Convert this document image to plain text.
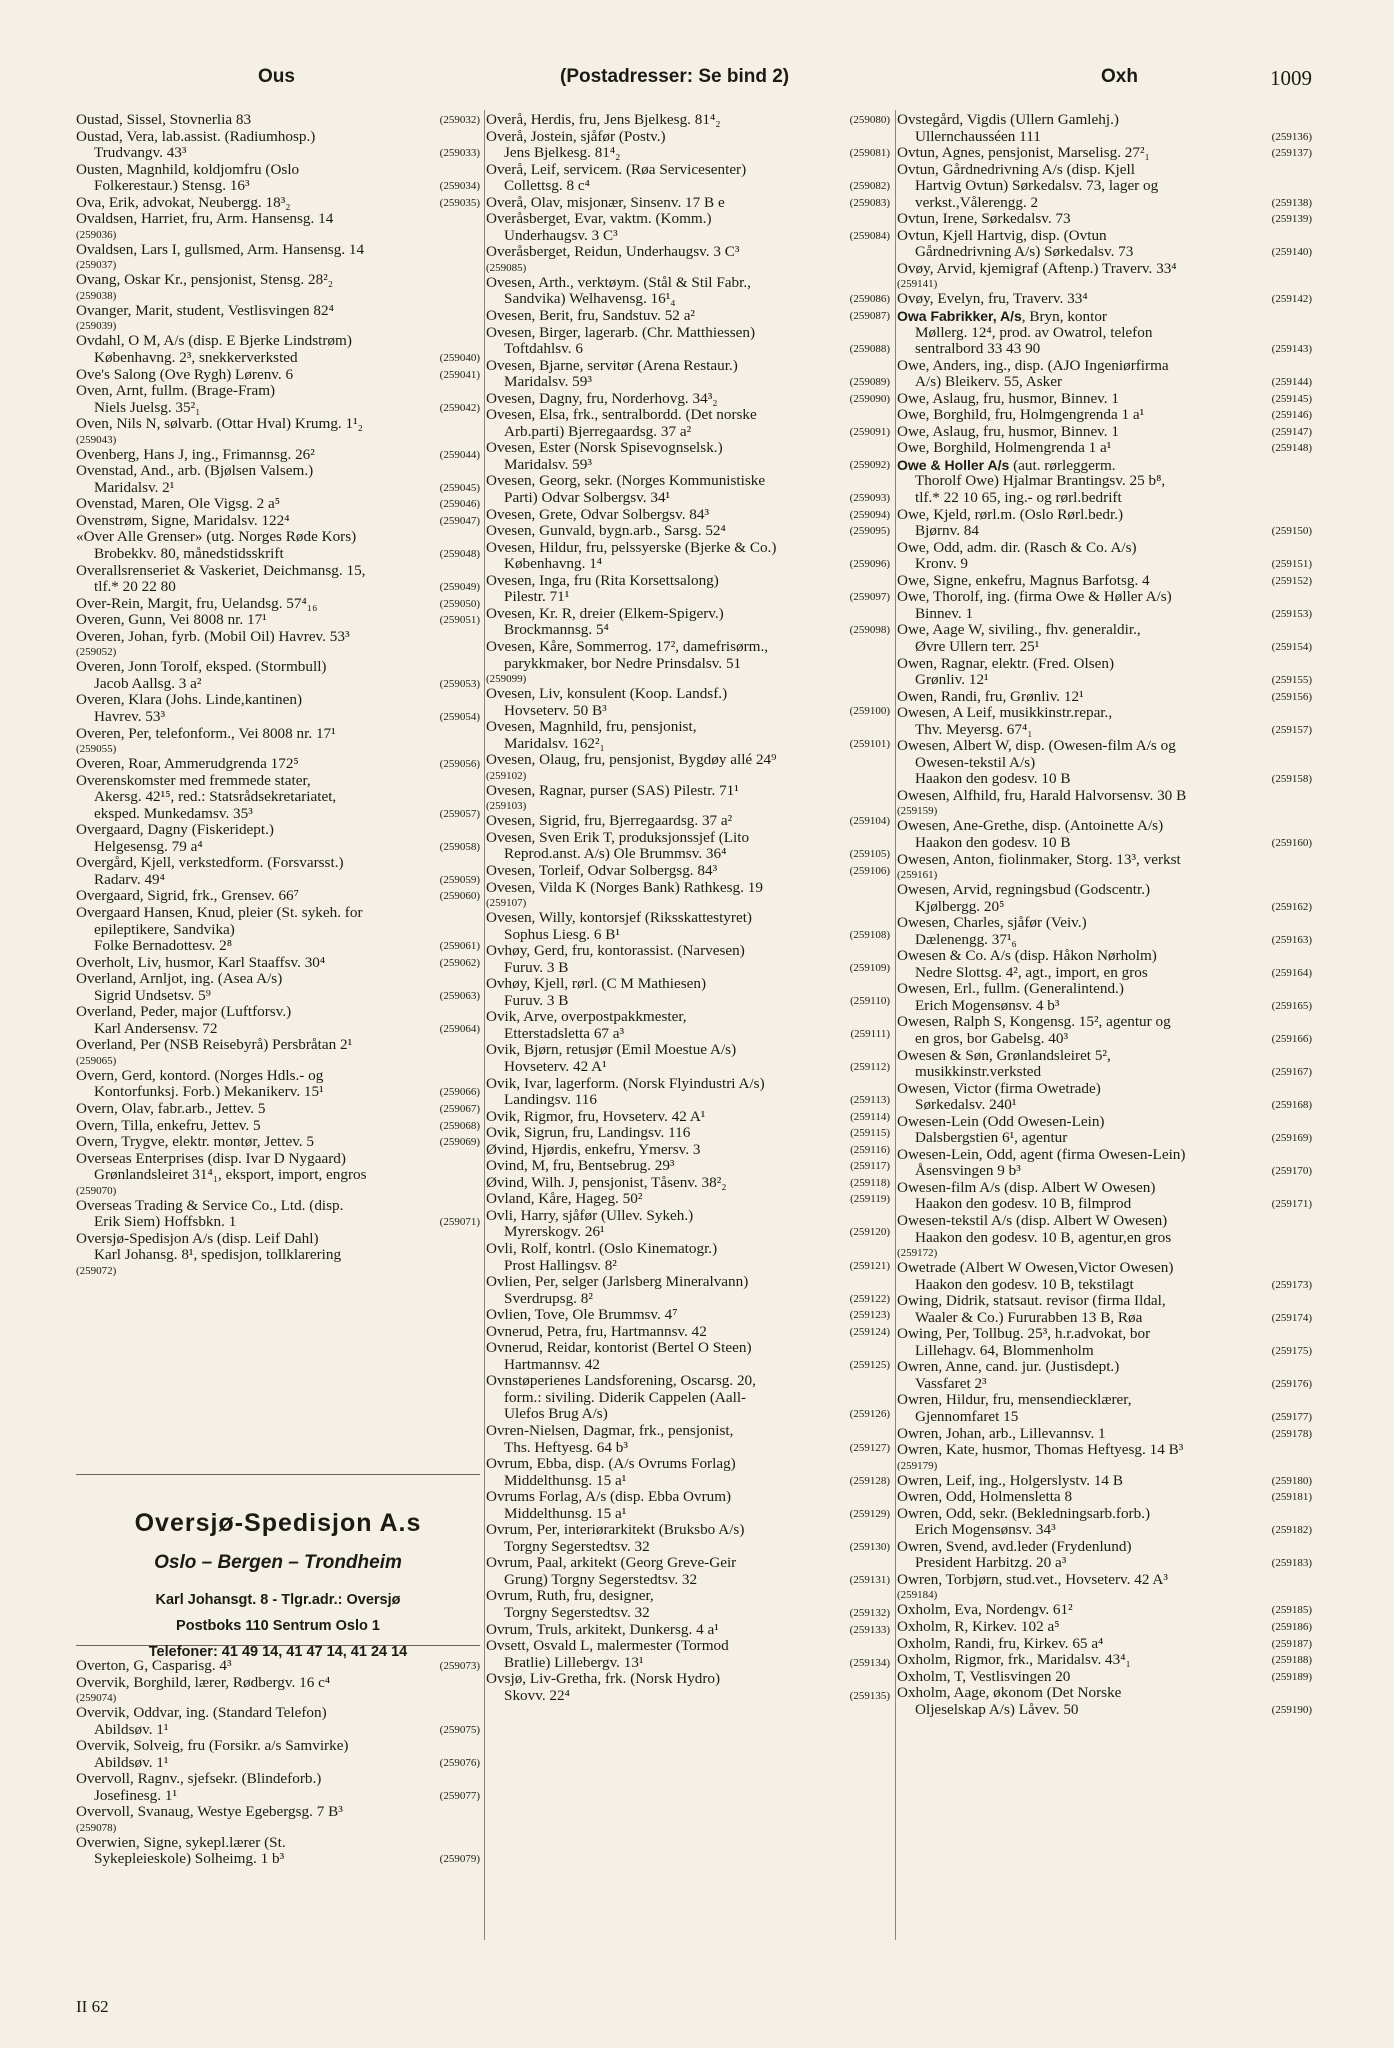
Ous	(Postadresser: Se bind 2)	Oxh	1009
Oustad, Sissel, Stovnerlia 83	(259032)
Oustad, Vera, lab.assist. (Radiumhosp.)
Trudvangv. 43³	(259033)
Ousten, Magnhild, koldjomfru (Oslo
Folkerestaur.) Stensg. 16³	(259034)
Ova, Erik, advokat, Neubergg. 18³₂	(259035)
Ovaldsen, Harriet, fru, Arm. Hansensg. 14
(259036)
Ovaldsen, Lars I, gullsmed, Arm. Hansensg. 14
(259037)
Ovang, Oskar Kr., pensjonist, Stensg. 28²₂
(259038)
Ovanger, Marit, student, Vestlisvingen 82⁴
(259039)
Ovdahl, O M, A/s (disp. E Bjerke Lindstrøm)
Københavng. 2³, snekkerverksted	(259040)
Ove's Salong (Ove Rygh) Lørenv. 6	(259041)
Oven, Arnt, fullm. (Brage-Fram)
Niels Juelsg. 35²₁	(259042)
Oven, Nils N, sølvarb. (Ottar Hval) Krumg. 1¹₂
(259043)
Ovenberg, Hans J, ing., Frimannsg. 26²	(259044)
Ovenstad, And., arb. (Bjølsen Valsem.)
Maridalsv. 2¹	(259045)
Ovenstad, Maren, Ole Vigsg. 2 a⁵	(259046)
Ovenstrøm, Signe, Maridalsv. 122⁴	(259047)
«Over Alle Grenser» (utg. Norges Røde Kors)
Brobekkv. 80, månedstidsskrift	(259048)
Overallsrenseriet & Vaskeriet, Deichmansg. 15,
tlf.* 20 22 80	(259049)
Over-Rein, Margit, fru, Uelandsg. 57⁴₁₆	(259050)
Overen, Gunn, Vei 8008 nr. 17¹	(259051)
Overen, Johan, fyrb. (Mobil Oil) Havrev. 53³
(259052)
Overen, Jonn Torolf, eksped. (Stormbull)
Jacob Aallsg. 3 a²	(259053)
Overen, Klara (Johs. Linde,kantinen)
Havrev. 53³	(259054)
Overen, Per, telefonform., Vei 8008 nr. 17¹
(259055)
Overen, Roar, Ammerudgrenda 172⁵	(259056)
Overenskomster med fremmede stater,
Akersg. 42¹⁵, red.: Statsrådsekretariatet,
eksped. Munkedamsv. 35³	(259057)
Overgaard, Dagny (Fiskeridept.)
Helgesensg. 79 a⁴	(259058)
Overgård, Kjell, verkstedform. (Forsvarsst.)
Radarv. 49⁴	(259059)
Overgaard, Sigrid, frk., Grensev. 66⁷	(259060)
Overgaard Hansen, Knud, pleier (St. sykeh. for
epileptikere, Sandvika)
Folke Bernadottesv. 2⁸	(259061)
Overholt, Liv, husmor, Karl Staaffsv. 30⁴	(259062)
Overland, Arnljot, ing. (Asea A/s)
Sigrid Undsetsv. 5⁹	(259063)
Overland, Peder, major (Luftforsv.)
Karl Andersensv. 72	(259064)
Overland, Per (NSB Reisebyrå) Persbråtan 2¹
(259065)
Overn, Gerd, kontord. (Norges Hdls.- og
Kontorfunksj. Forb.) Mekanikerv. 15¹	(259066)
Overn, Olav, fabr.arb., Jettev. 5	(259067)
Overn, Tilla, enkefru, Jettev. 5	(259068)
Overn, Trygve, elektr. montør, Jettev. 5	(259069)
Overseas Enterprises (disp. Ivar D Nygaard)
Grønlandsleiret 31⁴₁, eksport, import, engros
(259070)
Overseas Trading & Service Co., Ltd. (disp.
Erik Siem) Hoffsbkn. 1	(259071)
Oversjø-Spedisjon A/s (disp. Leif Dahl)
Karl Johansg. 8¹, spedisjon, tollklarering
(259072)
Oversjø-Spedisjon A.s
Oslo – Bergen – Trondheim
Karl Johansgt. 8 - Tlgr.adr.: Oversjø
Postboks 110 Sentrum Oslo 1
Telefoner: 41 49 14, 41 47 14, 41 24 14
Overton, G, Casparisg. 4³	(259073)
Overvik, Borghild, lærer, Rødbergv. 16 c⁴
(259074)
Overvik, Oddvar, ing. (Standard Telefon)
Abildsøv. 1¹	(259075)
Overvik, Solveig, fru (Forsikr. a/s Samvirke)
Abildsøv. 1¹	(259076)
Overvoll, Ragnv., sjefsekr. (Blindeforb.)
Josefinesg. 1¹	(259077)
Overvoll, Svanaug, Westye Egebergsg. 7 B³
(259078)
Overwien, Signe, sykepl.lærer (St.
Sykepleieskole) Solheimg. 1 b³	(259079)
Overå, Herdis, fru, Jens Bjelkesg. 81⁴₂	(259080)
Overå, Jostein, sjåfør (Postv.)
Jens Bjelkesg. 81⁴₂	(259081)
Overå, Leif, servicem. (Røa Servicesenter)
Collettsg. 8 c⁴	(259082)
Overå, Olav, misjonær, Sinsenv. 17 B e	(259083)
Overåsberget, Evar, vaktm. (Komm.)
Underhaugsv. 3 C³	(259084)
Overåsberget, Reidun, Underhaugsv. 3 C³
(259085)
Ovesen, Arth., verktøym. (Stål & Stil Fabr.,
Sandvika) Welhavensg. 16¹₄	(259086)
Ovesen, Berit, fru, Sandstuv. 52 a²	(259087)
Ovesen, Birger, lagerarb. (Chr. Matthiessen)
Toftdahlsv. 6	(259088)
Ovesen, Bjarne, servitør (Arena Restaur.)
Maridalsv. 59³	(259089)
Ovesen, Dagny, fru, Norderhovg. 34³₂	(259090)
Ovesen, Elsa, frk., sentralbordd. (Det norske
Arb.parti) Bjerregaardsg. 37 a²	(259091)
Ovesen, Ester (Norsk Spisevognselsk.)
Maridalsv. 59³	(259092)
Ovesen, Georg, sekr. (Norges Kommunistiske
Parti) Odvar Solbergsv. 34¹	(259093)
Ovesen, Grete, Odvar Solbergsv. 84³	(259094)
Ovesen, Gunvald, bygn.arb., Sarsg. 52⁴	(259095)
Ovesen, Hildur, fru, pelssyerske (Bjerke & Co.)
Københavng. 1⁴	(259096)
Ovesen, Inga, fru (Rita Korsettsalong)
Pilestr. 71¹	(259097)
Ovesen, Kr. R, dreier (Elkem-Spigerv.)
Brockmannsg. 5⁴	(259098)
Ovesen, Kåre, Sommerrog. 17², damefrisørm.,
parykkmaker, bor Nedre Prinsdalsv. 51
(259099)
Ovesen, Liv, konsulent (Koop. Landsf.)
Hovseterv. 50 B³	(259100)
Ovesen, Magnhild, fru, pensjonist,
Maridalsv. 162²₁	(259101)
Ovesen, Olaug, fru, pensjonist, Bygdøy allé 24⁹
(259102)
Ovesen, Ragnar, purser (SAS) Pilestr. 71¹
(259103)
Ovesen, Sigrid, fru, Bjerregaardsg. 37 a²	(259104)
Ovesen, Sven Erik T, produksjonssjef (Lito
Reprod.anst. A/s) Ole Brummsv. 36⁴	(259105)
Ovesen, Torleif, Odvar Solbergsg. 84³	(259106)
Ovesen, Vilda K (Norges Bank) Rathkesg. 19
(259107)
Ovesen, Willy, kontorsjef (Riksskattestyret)
Sophus Liesg. 6 B¹	(259108)
Ovhøy, Gerd, fru, kontorassist. (Narvesen)
Furuv. 3 B	(259109)
Ovhøy, Kjell, rørl. (C M Mathiesen)
Furuv. 3 B	(259110)
Ovik, Arve, overpostpakkmester,
Etterstadsletta 67 a³	(259111)
Ovik, Bjørn, retusjør (Emil Moestue A/s)
Hovseterv. 42 A¹	(259112)
Ovik, Ivar, lagerform. (Norsk Flyindustri A/s)
Landingsv. 116	(259113)
Ovik, Rigmor, fru, Hovseterv. 42 A¹	(259114)
Ovik, Sigrun, fru, Landingsv. 116	(259115)
Øvind, Hjørdis, enkefru, Ymersv. 3	(259116)
Ovind, M, fru, Bentsebrug. 29³	(259117)
Øvind, Wilh. J, pensjonist, Tåsenv. 38²₂	(259118)
Ovland, Kåre, Hageg. 50²	(259119)
Ovli, Harry, sjåfør (Ullev. Sykeh.)
Myrerskogv. 26¹	(259120)
Ovli, Rolf, kontrl. (Oslo Kinematogr.)
Prost Hallingsv. 8²	(259121)
Ovlien, Per, selger (Jarlsberg Mineralvann)
Sverdrupsg. 8²	(259122)
Ovlien, Tove, Ole Brummsv. 4⁷	(259123)
Ovnerud, Petra, fru, Hartmannsv. 42	(259124)
Ovnerud, Reidar, kontorist (Bertel O Steen)
Hartmannsv. 42	(259125)
Ovnstøperienes Landsforening, Oscarsg. 20,
form.: siviling. Diderik Cappelen (Aall-
Ulefos Brug A/s)	(259126)
Ovren-Nielsen, Dagmar, frk., pensjonist,
Ths. Heftyesg. 64 b³	(259127)
Ovrum, Ebba, disp. (A/s Ovrums Forlag)
Middelthunsg. 15 a¹	(259128)
Ovrums Forlag, A/s (disp. Ebba Ovrum)
Middelthunsg. 15 a¹	(259129)
Ovrum, Per, interiørarkitekt (Bruksbo A/s)
Torgny Segerstedtsv. 32	(259130)
Ovrum, Paal, arkitekt (Georg Greve-Geir
Grung) Torgny Segerstedtsv. 32	(259131)
Ovrum, Ruth, fru, designer,
Torgny Segerstedtsv. 32	(259132)
Ovrum, Truls, arkitekt, Dunkersg. 4 a¹	(259133)
Ovsett, Osvald L, malermester (Tormod
Bratlie) Lillebergv. 13¹	(259134)
Ovsjø, Liv-Gretha, frk. (Norsk Hydro)
Skovv. 22⁴	(259135)
Ovstegård, Vigdis (Ullern Gamlehj.)
Ullernchausséen 111	(259136)
Ovtun, Agnes, pensjonist, Marselisg. 27²₁	(259137)
Ovtun, Gårdnedrivning A/s (disp. Kjell
Hartvig Ovtun) Sørkedalsv. 73, lager og
verkst.,Vålerengg. 2	(259138)
Ovtun, Irene, Sørkedalsv. 73	(259139)
Ovtun, Kjell Hartvig, disp. (Ovtun
Gårdnedrivning A/s) Sørkedalsv. 73	(259140)
Ovøy, Arvid, kjemigraf (Aftenp.) Traverv. 33⁴
(259141)
Ovøy, Evelyn, fru, Traverv. 33⁴	(259142)
Owa Fabrikker, A/s, Bryn, kontor
Møllerg. 12⁴, prod. av Owatrol, telefon
sentralbord 33 43 90	(259143)
Owe, Anders, ing., disp. (AJO Ingeniørfirma
A/s) Bleikerv. 55, Asker	(259144)
Owe, Aslaug, fru, husmor, Binnev. 1	(259145)
Owe, Borghild, fru, Holmgengrenda 1 a¹	(259146)
Owe, Aslaug, fru, husmor, Binnev. 1	(259147)
Owe, Borghild, Holmengrenda 1 a¹	(259148)
Owe & Holler A/s (aut. rørleggerm.
Thorolf Owe) Hjalmar Brantingsv. 25 b⁸,
tlf.* 22 10 65, ing.- og rørl.bedrift
Owe, Kjeld, rørl.m. (Oslo Rørl.bedr.)
Bjørnv. 84	(259150)
Owe, Odd, adm. dir. (Rasch & Co. A/s)
Kronv. 9	(259151)
Owe, Signe, enkefru, Magnus Barfotsg. 4	(259152)
Owe, Thorolf, ing. (firma Owe & Høller A/s)
Binnev. 1	(259153)
Owe, Aage W, siviling., fhv. generaldir.,
Øvre Ullern terr. 25¹	(259154)
Owen, Ragnar, elektr. (Fred. Olsen)
Grønliv. 12¹	(259155)
Owen, Randi, fru, Grønliv. 12¹	(259156)
Owesen, A Leif, musikkinstr.repar.,
Thv. Meyersg. 67⁴₁	(259157)
Owesen, Albert W, disp. (Owesen-film A/s og
Owesen-tekstil A/s)
Haakon den godesv. 10 B	(259158)
Owesen, Alfhild, fru, Harald Halvorsensv. 30 B
(259159)
Owesen, Ane-Grethe, disp. (Antoinette A/s)
Haakon den godesv. 10 B	(259160)
Owesen, Anton, fiolinmaker, Storg. 13³, verkst
(259161)
Owesen, Arvid, regningsbud (Godscentr.)
Kjølbergg. 20⁵	(259162)
Owesen, Charles, sjåfør (Veiv.)
Dælenengg. 37¹₆	(259163)
Owesen & Co. A/s (disp. Håkon Nørholm)
Nedre Slottsg. 4², agt., import, en gros	(259164)
Owesen, Erl., fullm. (Generalintend.)
Erich Mogensønsv. 4 b³	(259165)
Owesen, Ralph S, Kongensg. 15², agentur og
en gros, bor Gabelsg. 40³	(259166)
Owesen & Søn, Grønlandsleiret 5²,
musikkinstr.verksted	(259167)
Owesen, Victor (firma Owetrade)
Sørkedalsv. 240¹	(259168)
Owesen-Lein (Odd Owesen-Lein)
Dalsbergstien 6¹, agentur	(259169)
Owesen-Lein, Odd, agent (firma Owesen-Lein)
Åsensvingen 9 b³	(259170)
Owesen-film A/s (disp. Albert W Owesen)
Haakon den godesv. 10 B, filmprod	(259171)
Owesen-tekstil A/s (disp. Albert W Owesen)
Haakon den godesv. 10 B, agentur,en gros
(259172)
Owetrade (Albert W Owesen,Victor Owesen)
Haakon den godesv. 10 B, tekstilagt	(259173)
Owing, Didrik, statsaut. revisor (firma Ildal,
Waaler & Co.) Fururabben 13 B, Røa	(259174)
Owing, Per, Tollbug. 25³, h.r.advokat, bor
Lillehagv. 64, Blommenholm	(259175)
Owren, Anne, cand. jur. (Justisdept.)
Vassfaret 2³	(259176)
Owren, Hildur, fru, mensendiecklærer,
Gjennomfaret 15	(259177)
Owren, Johan, arb., Lillevannsv. 1	(259178)
Owren, Kate, husmor, Thomas Heftyesg. 14 B³
(259179)
Owren, Leif, ing., Holgerslystv. 14 B	(259180)
Owren, Odd, Holmensletta 8	(259181)
Owren, Odd, sekr. (Bekledningsarb.forb.)
Erich Mogensønsv. 34³	(259182)
Owren, Svend, avd.leder (Frydenlund)
President Harbitzg. 20 a³	(259183)
Owren, Torbjørn, stud.vet., Hovseterv. 42 A³
(259184)
Oxholm, Eva, Nordengv. 61²	(259185)
Oxholm, R, Kirkev. 102 a⁵	(259186)
Oxholm, Randi, fru, Kirkev. 65 a⁴	(259187)
Oxholm, Rigmor, frk., Maridalsv. 43⁴₁	(259188)
Oxholm, T, Vestlisvingen 20	(259189)
Oxholm, Aage, økonom (Det Norske
Oljeselskap A/s) Låvev. 50	(259190)
II 62
